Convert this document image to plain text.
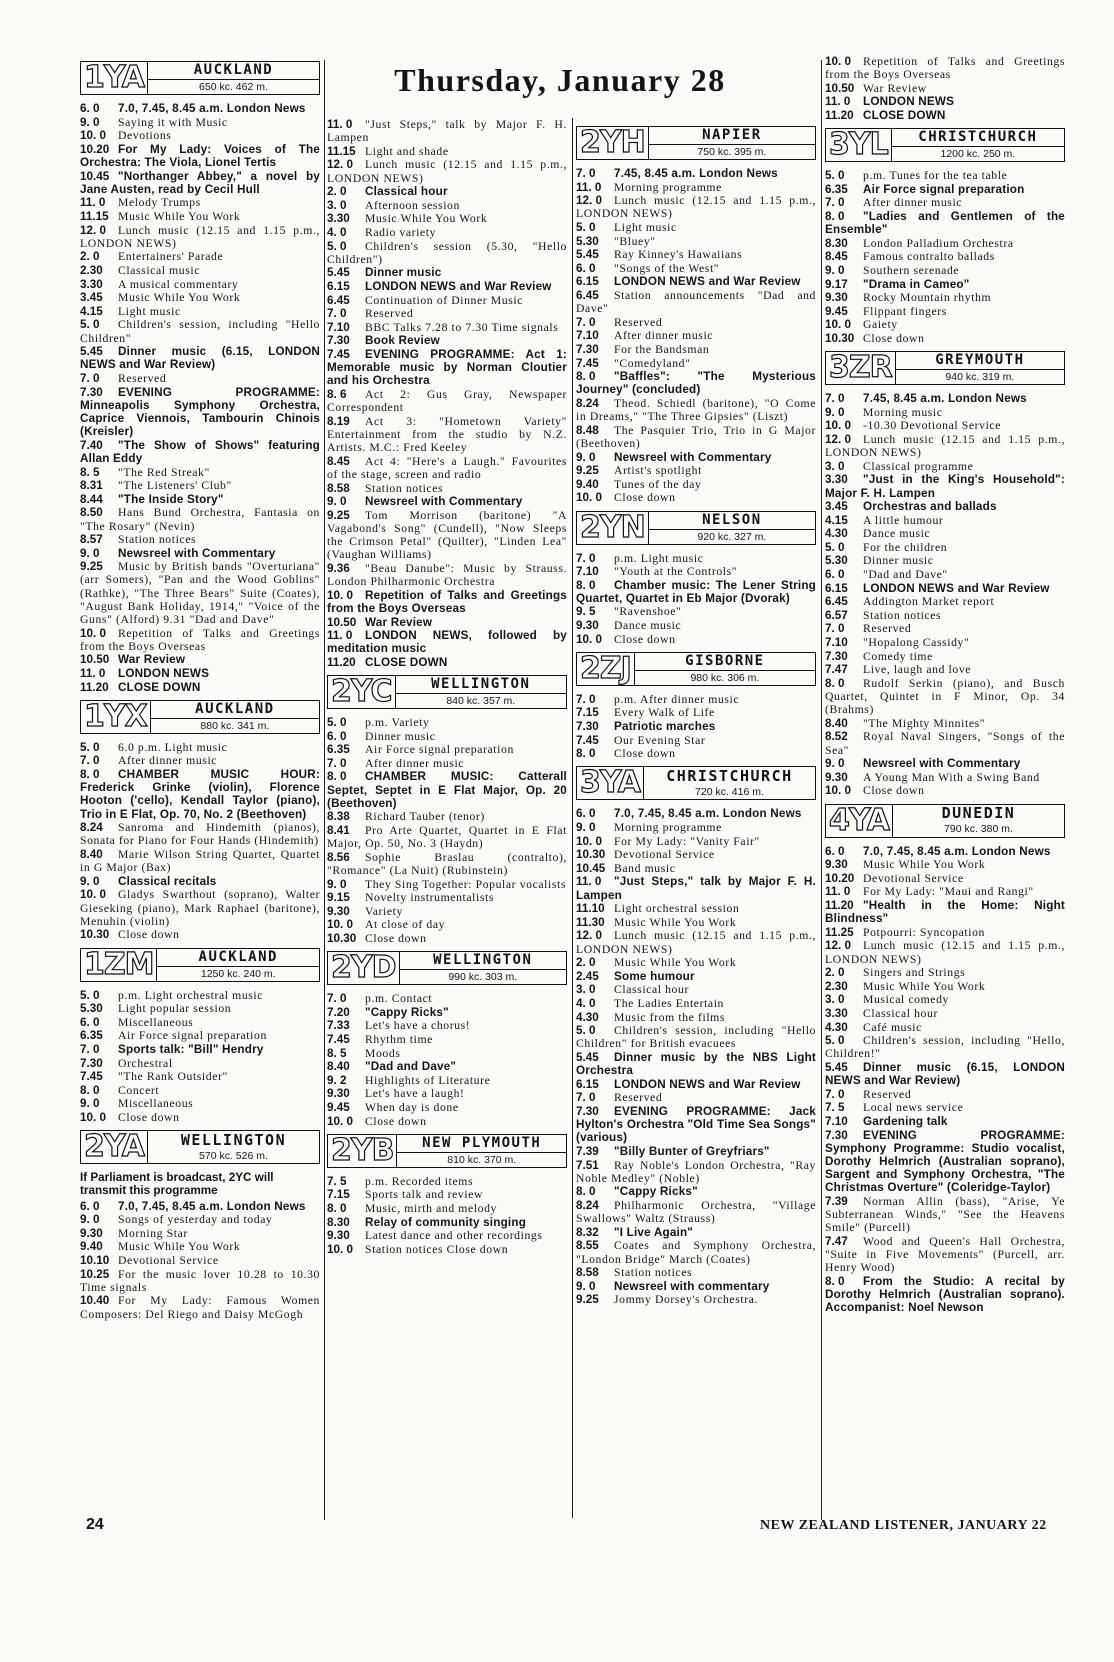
Thursday, January 28
1YA	AUCKLAND
650 kc. 462 m.
6. 0 7.0, 7.45, 8.45 a.m. London News
9. 0 Saying it with Music
10. 0 Devotions
10.20 For My Lady: Voices of The Orchestra: The Viola, Lionel Tertis
10.45 "Northanger Abbey," a novel by Jane Austen, read by Cecil Hull
11. 0 Melody Trumps
11.15 Music While You Work
12. 0 Lunch music (12.15 and 1.15 p.m., LONDON NEWS)
2. 0 Entertainers' Parade
2.30 Classical music
3.30 A musical commentary
3.45 Music While You Work
4.15 Light music
5. 0 Children's session, including "Hello Children"
5.45 Dinner music (6.15, LONDON NEWS and War Review)
7. 0 Reserved
7.30 EVENING PROGRAMME: Minneapolis Symphony Orchestra, Caprice Viennois, Tambourin Chinois (Kreisler)
7.40 "The Show of Shows" featuring Allan Eddy
8. 5 "The Red Streak"
8.31 "The Listeners' Club"
8.44 "The Inside Story"
8.50 Hans Bund Orchestra, Fantasia on "The Rosary" (Nevin)
8.57 Station notices
9. 0 Newsreel with Commentary
9.25 Music by British bands "Overturiana" (arr Somers), "Pan and the Wood Goblins" (Rathke), "The Three Bears" Suite (Coates), "August Bank Holiday, 1914," "Voice of the Guns" (Alford) 9.31 "Dad and Dave"
10. 0 Repetition of Talks and Greetings from the Boys Overseas
10.50 War Review
11. 0 LONDON NEWS
11.20 CLOSE DOWN
1YX	AUCKLAND
880 kc. 341 m.
5. 0 6.0 p.m. Light music
7. 0 After dinner music
8. 0 CHAMBER MUSIC HOUR: Frederick Grinke (violin), Florence Hooton ('cello), Kendall Taylor (piano), Trio in E Flat, Op. 70, No. 2 (Beethoven)
8.24 Sanroma and Hindemith (pianos), Sonata for Piano for Four Hands (Hindemith)
8.40 Marie Wilson String Quartet, Quartet in G Major (Bax)
9. 0 Classical recitals
10. 0 Gladys Swarthout (soprano), Walter Gieseking (piano), Mark Raphael (baritone), Menuhin (violin)
10.30 Close down
1ZM	AUCKLAND
1250 kc. 240 m.
5. 0 p.m. Light orchestral music
5.30 Light popular session
6. 0 Miscellaneous
6.35 Air Force signal preparation
7. 0 Sports talk: "Bill" Hendry
7.30 Orchestral
7.45 "The Rank Outsider"
8. 0 Concert
9. 0 Miscellaneous
10. 0 Close down
2YA	WELLINGTON
570 kc. 526 m.
If Parliament is broadcast, 2YC will transmit this programme
6. 0 7.0, 7.45, 8.45 a.m. London News
9. 0 Songs of yesterday and today
9.30 Morning Star
9.40 Music While You Work
10.10 Devotional Service
10.25 For the music lover 10.28 to 10.30 Time signals
10.40 For My Lady: Famous Women Composers: Del Riego and Daisy McGogh
11. 0 "Just Steps," talk by Major F. H. Lampen
11.15 Light and shade
12. 0 Lunch music (12.15 and 1.15 p.m., LONDON NEWS)
2. 0 Classical hour
3. 0 Afternoon session
3.30 Music While You Work
4. 0 Radio variety
5. 0 Children's session (5.30, "Hello Children")
5.45 Dinner music
6.15 LONDON NEWS and War Review
6.45 Continuation of Dinner Music
7. 0 Reserved
7.10 BBC Talks 7.28 to 7.30 Time signals
7.30 Book Review
7.45 EVENING PROGRAMME: Act 1: Memorable music by Norman Cloutier and his Orchestra
8. 6 Act 2: Gus Gray, Newspaper Correspondent
8.19 Act 3: "Hometown Variety" Entertainment from the studio by N.Z. Artists. M.C.: Fred Keeley
8.45 Act 4: "Here's a Laugh." Favourites of the stage, screen and radio
8.58 Station notices
9. 0 Newsreel with Commentary
9.25 Tom Morrison (baritone) "A Vagabond's Song" (Cundell), "Now Sleeps the Crimson Petal" (Quilter), "Linden Lea" (Vaughan Williams)
9.36 "Beau Danube": Music by Strauss. London Philharmonic Orchestra
10. 0 Repetition of Talks and Greetings from the Boys Overseas
10.50 War Review
11. 0 LONDON NEWS, followed by meditation music
11.20 CLOSE DOWN
2YC	WELLINGTON
840 kc. 357 m.
5. 0 p.m. Variety
6. 0 Dinner music
6.35 Air Force signal preparation
7. 0 After dinner music
8. 0 CHAMBER MUSIC: Catterall Septet, Septet in E Flat Major, Op. 20 (Beethoven)
8.38 Richard Tauber (tenor)
8.41 Pro Arte Quartet, Quartet in E Flat Major, Op. 50, No. 3 (Haydn)
8.56 Sophie Braslau (contralto), "Romance" (La Nuit) (Rubinstein)
9. 0 They Sing Together: Popular vocalists
9.15 Novelty instrumentalists
9.30 Variety
10. 0 At close of day
10.30 Close down
2YD	WELLINGTON
990 kc. 303 m.
7. 0 p.m. Contact
7.20 "Cappy Ricks"
7.33 Let's have a chorus!
7.45 Rhythm time
8. 5 Moods
8.40 "Dad and Dave"
9. 2 Highlights of Literature
9.30 Let's have a laugh!
9.45 When day is done
10. 0 Close down
2YB	NEW PLYMOUTH
810 kc. 370 m.
7. 5 p.m. Recorded items
7.15 Sports talk and review
8. 0 Music, mirth and melody
8.30 Relay of community singing
9.30 Latest dance and other recordings
10. 0 Station notices Close down
2YH	NAPIER
750 kc. 395 m.
7. 0 7.45, 8.45 a.m. London News
11. 0 Morning programme
12. 0 Lunch music (12.15 and 1.15 p.m., LONDON NEWS)
5. 0 Light music
5.30 "Bluey"
5.45 Ray Kinney's Hawaiians
6. 0 "Songs of the West"
6.15 LONDON NEWS and War Review
6.45 Station announcements "Dad and Dave"
7. 0 Reserved
7.10 After dinner music
7.30 For the Bandsman
7.45 "Comedyland"
8. 0 "Baffles": "The Mysterious Journey" (concluded)
8.24 Theod. Schiedl (baritone), "O Come in Dreams," "The Three Gipsies" (Liszt)
8.48 The Pasquier Trio, Trio in G Major (Beethoven)
9. 0 Newsreel with Commentary
9.25 Artist's spotlight
9.40 Tunes of the day
10. 0 Close down
2YN	NELSON
920 kc. 327 m.
7. 0 p.m. Light music
7.10 "Youth at the Controls"
8. 0 Chamber music: The Lener String Quartet, Quartet in Eb Major (Dvorak)
9. 5 "Ravenshoe"
9.30 Dance music
10. 0 Close down
2ZJ	GISBORNE
980 kc. 306 m.
7. 0 p.m. After dinner music
7.15 Every Walk of Life
7.30 Patriotic marches
7.45 Our Evening Star
8. 0 Close down
3YA	CHRISTCHURCH
720 kc. 416 m.
6. 0 7.0, 7.45, 8.45 a.m. London News
9. 0 Morning programme
10. 0 For My Lady: "Vanity Fair"
10.30 Devotional Service
10.45 Band music
11. 0 "Just Steps," talk by Major F. H. Lampen
11.10 Light orchestral session
11.30 Music While You Work
12. 0 Lunch music (12.15 and 1.15 p.m., LONDON NEWS)
2. 0 Music While You Work
2.45 Some humour
3. 0 Classical hour
4. 0 The Ladies Entertain
4.30 Music from the films
5. 0 Children's session, including "Hello Children" for British evacuees
5.45 Dinner music by the NBS Light Orchestra
6.15 LONDON NEWS and War Review
7. 0 Reserved
7.30 EVENING PROGRAMME: Jack Hylton's Orchestra "Old Time Sea Songs" (various)
7.39 "Billy Bunter of Greyfriars"
7.51 Ray Noble's London Orchestra, "Ray Noble Medley" (Noble)
8. 0 "Cappy Ricks"
8.24 Philharmonic Orchestra, "Village Swallows" Waltz (Strauss)
8.32 "I Live Again"
8.55 Coates and Symphony Orchestra, "London Bridge" March (Coates)
8.58 Station notices
9. 0 Newsreel with commentary
9.25 Jommy Dorsey's Orchestra.
10. 0 Repetition of Talks and Greetings from the Boys Overseas
10.50 War Review
11. 0 LONDON NEWS
11.20 CLOSE DOWN
3YL	CHRISTCHURCH
1200 kc. 250 m.
5. 0 p.m. Tunes for the tea table
6.35 Air Force signal preparation
7. 0 After dinner music
8. 0 "Ladies and Gentlemen of the Ensemble"
8.30 London Palladium Orchestra
8.45 Famous contralto ballads
9. 0 Southern serenade
9.17 "Drama in Cameo"
9.30 Rocky Mountain rhythm
9.45 Flippant fingers
10. 0 Gaiety
10.30 Close down
3ZR	GREYMOUTH
940 kc. 319 m.
7. 0 7.45, 8.45 a.m. London News
9. 0 Morning music
10. 0 -10.30 Devotional Service
12. 0 Lunch music (12.15 and 1.15 p.m., LONDON NEWS)
3. 0 Classical programme
3.30 "Just in the King's Household": Major F. H. Lampen
3.45 Orchestras and ballads
4.15 A little humour
4.30 Dance music
5. 0 For the children
5.30 Dinner music
6. 0 "Dad and Dave"
6.15 LONDON NEWS and War Review
6.45 Addington Market report
6.57 Station notices
7. 0 Reserved
7.10 "Hopalong Cassidy"
7.30 Comedy time
7.47 Live, laugh and love
8. 0 Rudolf Serkin (piano), and Busch Quartet, Quintet in F Minor, Op. 34 (Brahms)
8.40 "The Mighty Minnites"
8.52 Royal Naval Singers, "Songs of the Sea"
9. 0 Newsreel with Commentary
9.30 A Young Man With a Swing Band
10. 0 Close down
4YA	DUNEDIN
790 kc. 380 m.
6. 0 7.0, 7.45, 8.45 a.m. London News
9.30 Music While You Work
10.20 Devotional Service
11. 0 For My Lady: "Maui and Rangi"
11.20 "Health in the Home: Night Blindness"
11.25 Potpourri: Syncopation
12. 0 Lunch music (12.15 and 1.15 p.m., LONDON NEWS)
2. 0 Singers and Strings
2.30 Music While You Work
3. 0 Musical comedy
3.30 Classical hour
4.30 Café music
5. 0 Children's session, including "Hello, Children!"
5.45 Dinner music (6.15, LONDON NEWS and War Review)
7. 0 Reserved
7. 5 Local news service
7.10 Gardening talk
7.30 EVENING PROGRAMME: Symphony Programme: Studio vocalist, Dorothy Helmrich (Australian soprano), Sargent and Symphony Orchestra, "The Christmas Overture" (Coleridge-Taylor)
7.39 Norman Allin (bass), "Arise, Ye Subterranean Winds," "See the Heavens Smile" (Purcell)
7.47 Wood and Queen's Hall Orchestra, "Suite in Five Movements" (Purcell, arr. Henry Wood)
8. 0 From the Studio: A recital by Dorothy Helmrich (Australian soprano). Accompanist: Noel Newson
24	NEW ZEALAND LISTENER, JANUARY 22
